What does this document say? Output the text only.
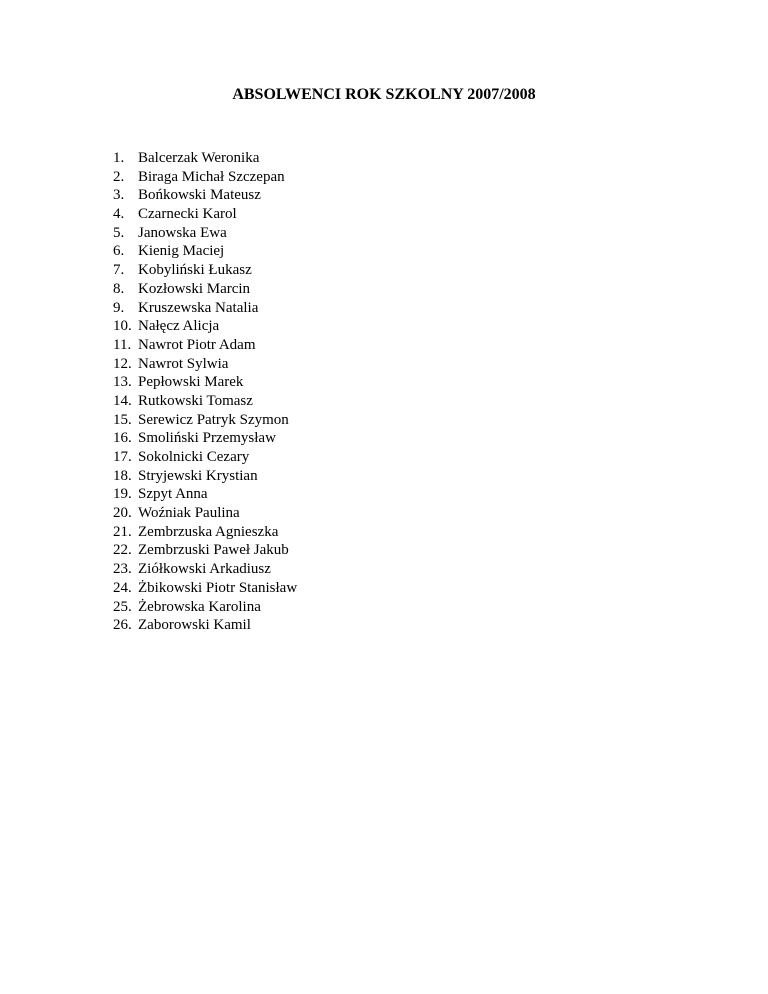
ABSOLWENCI ROK SZKOLNY 2007/2008
1. Balcerzak Weronika
2. Biraga Michał Szczepan
3. Bońkowski Mateusz
4. Czarnecki Karol
5. Janowska Ewa
6. Kienig Maciej
7. Kobyliński Łukasz
8. Kozłowski Marcin
9. Kruszewska Natalia
10. Nałęcz Alicja
11. Nawrot Piotr Adam
12. Nawrot Sylwia
13. Pepłowski Marek
14. Rutkowski Tomasz
15. Serewicz Patryk Szymon
16. Smoliński Przemysław
17. Sokolnicki Cezary
18. Stryjewski Krystian
19. Szpyt Anna
20. Woźniak Paulina
21. Zembrzuska Agnieszka
22. Zembrzuski Paweł Jakub
23. Ziółkowski Arkadiusz
24. Żbikowski Piotr Stanisław
25. Żebrowska Karolina
26. Zaborowski Kamil
